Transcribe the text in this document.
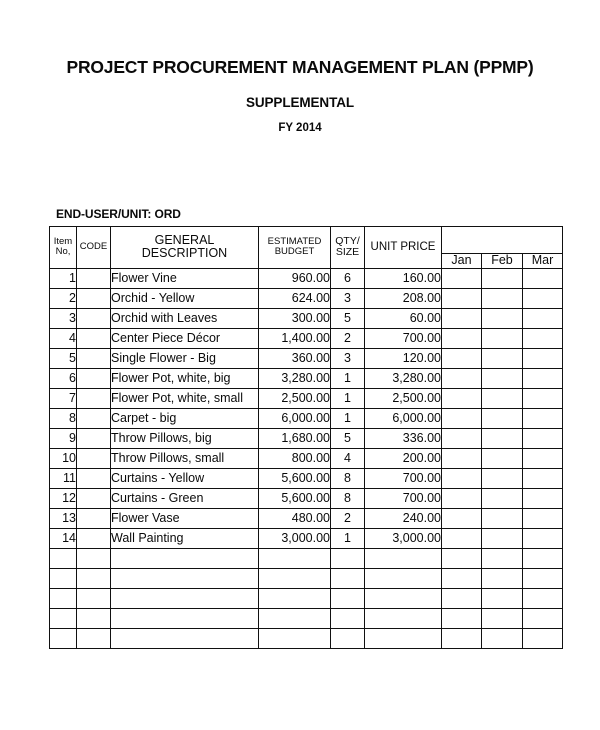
PROJECT PROCUREMENT MANAGEMENT PLAN (PPMP)
SUPPLEMENTAL
FY 2014
END-USER/UNIT: ORD
Item No,	CODE	GENERAL DESCRIPTION	ESTIMATED BUDGET	QTY/ SIZE	UNIT PRICE			
						Jan	Feb	Mar
1		Flower Vine	960.00	6	160.00			
2		Orchid - Yellow	624.00	3	208.00			
3		Orchid with Leaves	300.00	5	60.00			
4		Center Piece Décor	1,400.00	2	700.00			
5		Single Flower - Big	360.00	3	120.00			
6		Flower Pot, white, big	3,280.00	1	3,280.00			
7		Flower Pot, white, small	2,500.00	1	2,500.00			
8		Carpet - big	6,000.00	1	6,000.00			
9		Throw Pillows, big	1,680.00	5	336.00			
10		Throw Pillows, small	800.00	4	200.00			
11		Curtains - Yellow	5,600.00	8	700.00			
12		Curtains - Green	5,600.00	8	700.00			
13		Flower Vase	480.00	2	240.00			
14		Wall Painting	3,000.00	1	3,000.00			
